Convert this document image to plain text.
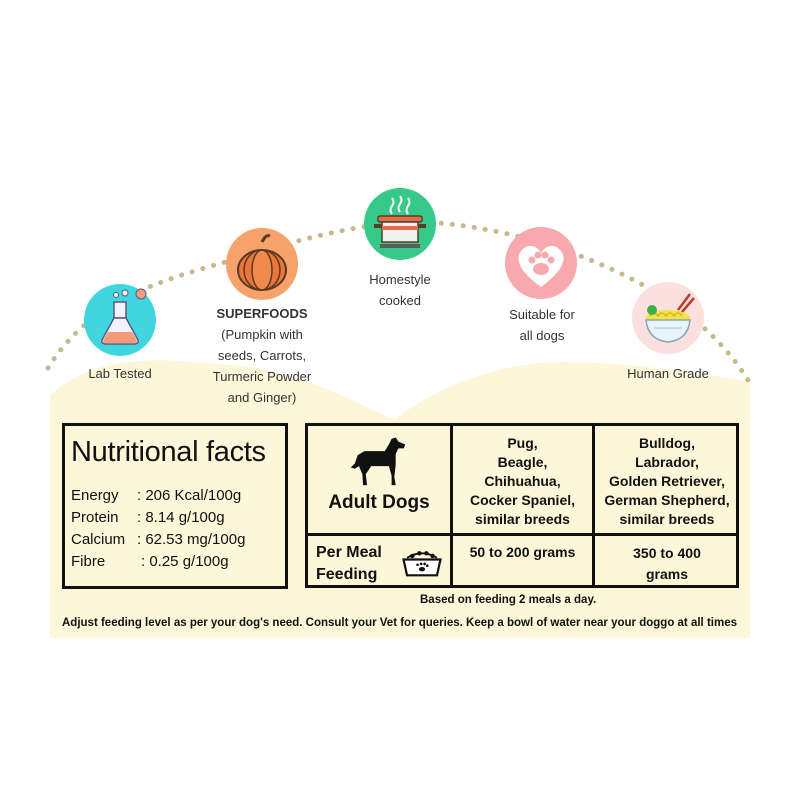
Lab Tested
SUPERFOODS
(Pumpkin with
seeds, Carrots,
Turmeric Powder
and Ginger)
Homestyle
cooked
Suitable for
all dogs
Human Grade
Nutritional facts
Energy : 206 Kcal/100g
Protein : 8.14 g/100g
Calcium : 62.53 mg/100g
Fibre : 0.25 g/100g
Adult Dogs
Pug,
Beagle,
Chihuahua,
Cocker Spaniel,
similar breeds
Bulldog,
Labrador,
Golden Retriever,
German Shepherd,
similar breeds
Per Meal
Feeding
50 to 200 grams	350 to 400
grams
Based on feeding 2 meals a day.
Adjust feeding level as per your dog's need. Consult your Vet for queries. Keep a bowl of water near your doggo at all times
